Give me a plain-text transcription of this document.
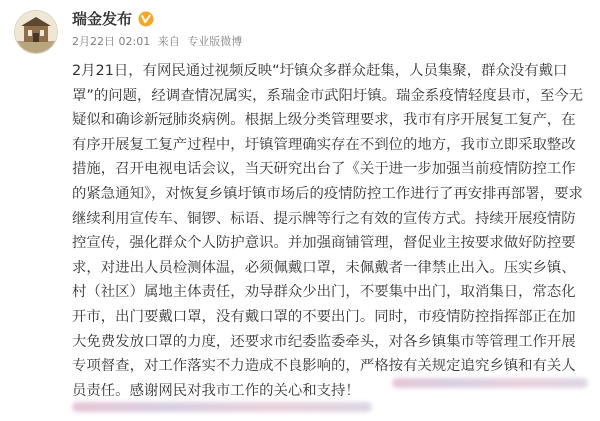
瑞金发布
2月22日 02:01 来自 专业版微博

2月21日，有网民通过视频反映“圩镇众多群众赶集，人员集聚，群众没有戴口罩”的问题，经调查情况属实，系瑞金市武阳圩镇。瑞金系疫情轻度县市，至今无疑似和确诊新冠肺炎病例。根据上级分类管理要求，我市有序开展复工复产，在有序开展复工复产过程中，圩镇管理确实存在不到位的地方，我市立即采取整改措施，召开电视电话会议，当天研究出台了《关于进一步加强当前疫情防控工作的紧急通知》，对恢复乡镇圩镇市场后的疫情防控工作进行了再安排再部署，要求继续利用宣传车、铜锣、标语、提示牌等行之有效的宣传方式。持续开展疫情防控宣传，强化群众个人防护意识。并加强商铺管理，督促业主按要求做好防控要求，对进出人员检测体温，必须佩戴口罩，未佩戴者一律禁止出入。压实乡镇、村（社区）属地主体责任，劝导群众少出门，不要集中出门，取消集日，常态化开市，出门要戴口罩，没有戴口罩的不要出门。同时，市疫情防控指挥部正在加大免费发放口罩的力度，还要求市纪委监委牵头，对各乡镇集市等管理工作开展专项督查，对工作落实不力造成不良影响的，严格按有关规定追究乡镇和有关人员责任。感谢网民对我市工作的关心和支持！
